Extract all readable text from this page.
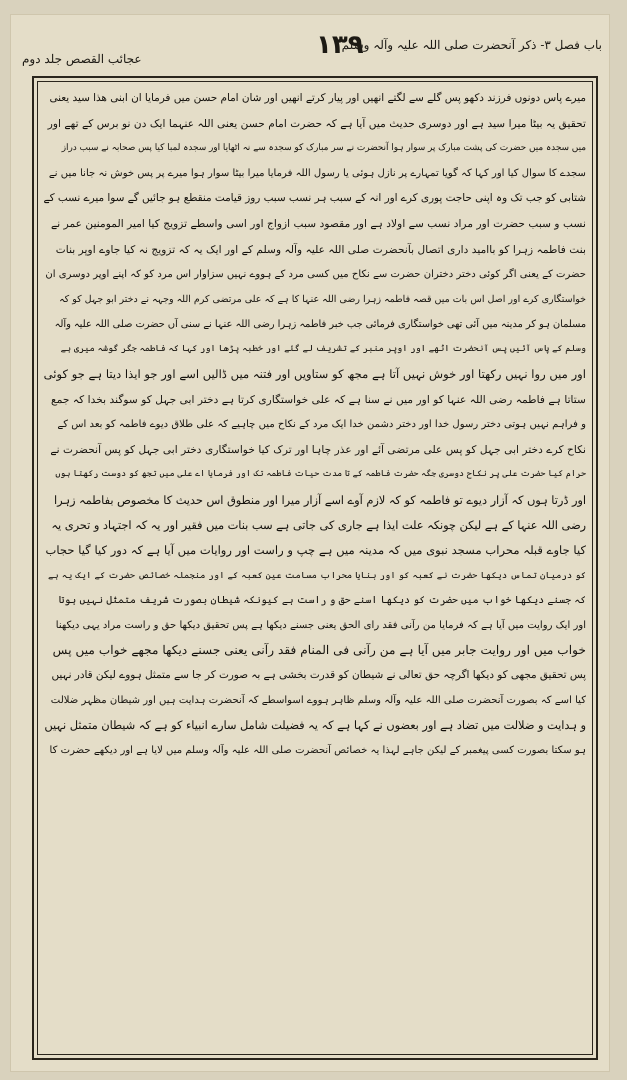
باب فصل ۳- ذکر آنحضرت صلی اللہ علیہ وآلہ وسلم
۱۳۹
عجائب القصص جلد دوم
میرے پاس دونوں فرزند دکھو پس گلے سے لگتے انھیں اور پیار کرتے انھیں اور شان امام حسن میں فرمایا ان ابنی ھذا سید یعنی
تحقیق یہ بیٹا میرا سید ہے اور دوسری حدیث میں آیا ہے کہ حضرت امام حسن یعنی اللہ عنہما ایک دن نو برس کے تھے اور
میں سجدہ میں حضرت کی پشت مبارک پر سوار ہوا آنحضرت نے سر مبارک کو سجدہ سے نہ اٹھایا اور سجدہ لمبا کیا پس صحابہ نے سبب دراز
سجدے کا سوال کیا اور کہا کہ گویا تمہارے پر نازل ہوئی یا رسول اللہ فرمایا میرا بیٹا سوار ہوا میرے پر پس خوش نہ جانا میں نے
شتابی کو جب تک وہ اپنی حاجت پوری کرے اور انہ کے سبب ہر نسب سبب روز قیامت منقطع ہو جائیں گے سوا میرے نسب کے
نسب و سبب حضرت اور مراد نسب سے اولاد ہے اور مقصود سبب ازواج اور اسی واسطے تزویج کیا امیر المومنین عمر نے
بنت فاطمہ زہرا کو باامید داری اتصال بآنحضرت صلی اللہ علیہ وآلہ وسلم کے اور ایک یہ کہ تزویج نہ کیا جاوے اوپر بنات
حضرت کے یعنی اگر کوئی دختر دختران حضرت سے نکاح میں کسی مرد کے ہووے نہیں سزاوار اس مرد کو کہ اپنے اوپر دوسری ان
خواستگاری کرے اور اصل اس بات میں قصہ فاطمہ زہرا رضی اللہ عنہا کا ہے کہ علی مرتضی کرم اللہ وجہہ نے دختر ابو جہل کو کہ
مسلمان ہو کر مدینہ میں آئی تھی خواستگاری فرمائی جب خبر فاطمہ زہرا رضی اللہ عنہا نے سنی آں حضرت صلی اللہ علیہ وآلہ
وسلم کے پاس آئیں پس آنحضرت اٹھے اور اوپر منبر کے تشریف لے گئے اور خطبہ پڑھا اور کہا کہ فاطمہ جگر گوشہ میری ہے
اور میں روا نہیں رکھتا اور خوش نہیں آتا ہے مجھ کو ستاویں اور فتنہ میں ڈالیں اسے اور جو ایذا دیتا ہے جو کوئی
ستاتا ہے فاطمہ رضی اللہ عنہا کو اور میں نے سنا ہے کہ علی خواستگاری کرتا ہے دختر ابی جہل کو سوگند بخدا کہ جمع
و فراہم نہیں ہوتی دختر رسول خدا اور دختر دشمن خدا ایک مرد کے نکاح میں چاہیے کہ علی طلاق دیوے فاطمہ کو بعد اس کے
نکاح کرے دختر ابی جہل کو پس علی مرتضی آئے اور عذر چاہا اور ترک کیا خواستگاری دختر ابی جہل کو پس آنحضرت نے
حرام کیا حضرت علی پر نکاح دوسری جگہ حضرت فاطمہ کے تا مدت حیات فاطمہ تک اور فرمایا اے علی میں تجھ کو دوست رکھتا ہوں
اور ڈرتا ہوں کہ آزار دیوے تو فاطمہ کو کہ لازم آوے اسے آزار میرا اور منطوق اس حدیث کا مخصوص بفاطمہ زہرا
رضی اللہ عنہا کے ہے لیکن چونکہ علت ایذا ہے جاری کی جاتی ہے سب بنات میں فقیر اور یہ کہ اجتہاد و تحری یہ
کیا جاوے قبلہ محراب مسجد نبوی میں کہ مدینہ میں ہے چپ و راست اور روایات میں آیا ہے کہ دور کیا گیا حجاب
کو درمیان تماس دیکھا حضرت نے کعبہ کو اور بنایا محراب مسامت عین کعبہ کے اور منجملہ خصائص حضرت کے ایک یہ ہے
کہ جسنے دیکھا خواب میں حضرت کو دیکھا اسنے حق و راست ہے کیونکہ شیطان بصورت شریف متمثل نہیں ہوتا
اور ایک روایت میں آیا ہے کہ فرمایا من رآنی فقد رای الحق یعنی جسنے دیکھا ہے پس تحقیق دیکھا حق و راست مراد یہی دیکھنا
خواب میں اور روایت جابر میں آیا ہے من رآنی فی المنام فقد رآنی یعنی جسنے دیکھا مجھے خواب میں پس
پس تحقیق مجھی کو دیکھا اگرچہ حق تعالی نے شیطان کو قدرت بخشی ہے بہ صورت کر جا سے متمثل ہووے لیکن قادر نہیں
کیا اسے کہ بصورت آنحضرت صلی اللہ علیہ وآلہ وسلم ظاہر ہووے اسواسطے کہ آنحضرت ہدایت ہیں اور شیطان مظہر ضلالت
و ہدایت و ضلالت میں تضاد ہے اور بعضوں نے کہا ہے کہ یہ فضیلت شامل سارے انبیاء کو ہے کہ شیطان متمثل نہیں
ہو سکتا بصورت کسی پیغمبر کے لیکن جاہے لہذا یہ خصائص آنحضرت صلی اللہ علیہ وآلہ وسلم میں لایا ہے اور دیکھے حضرت کا
